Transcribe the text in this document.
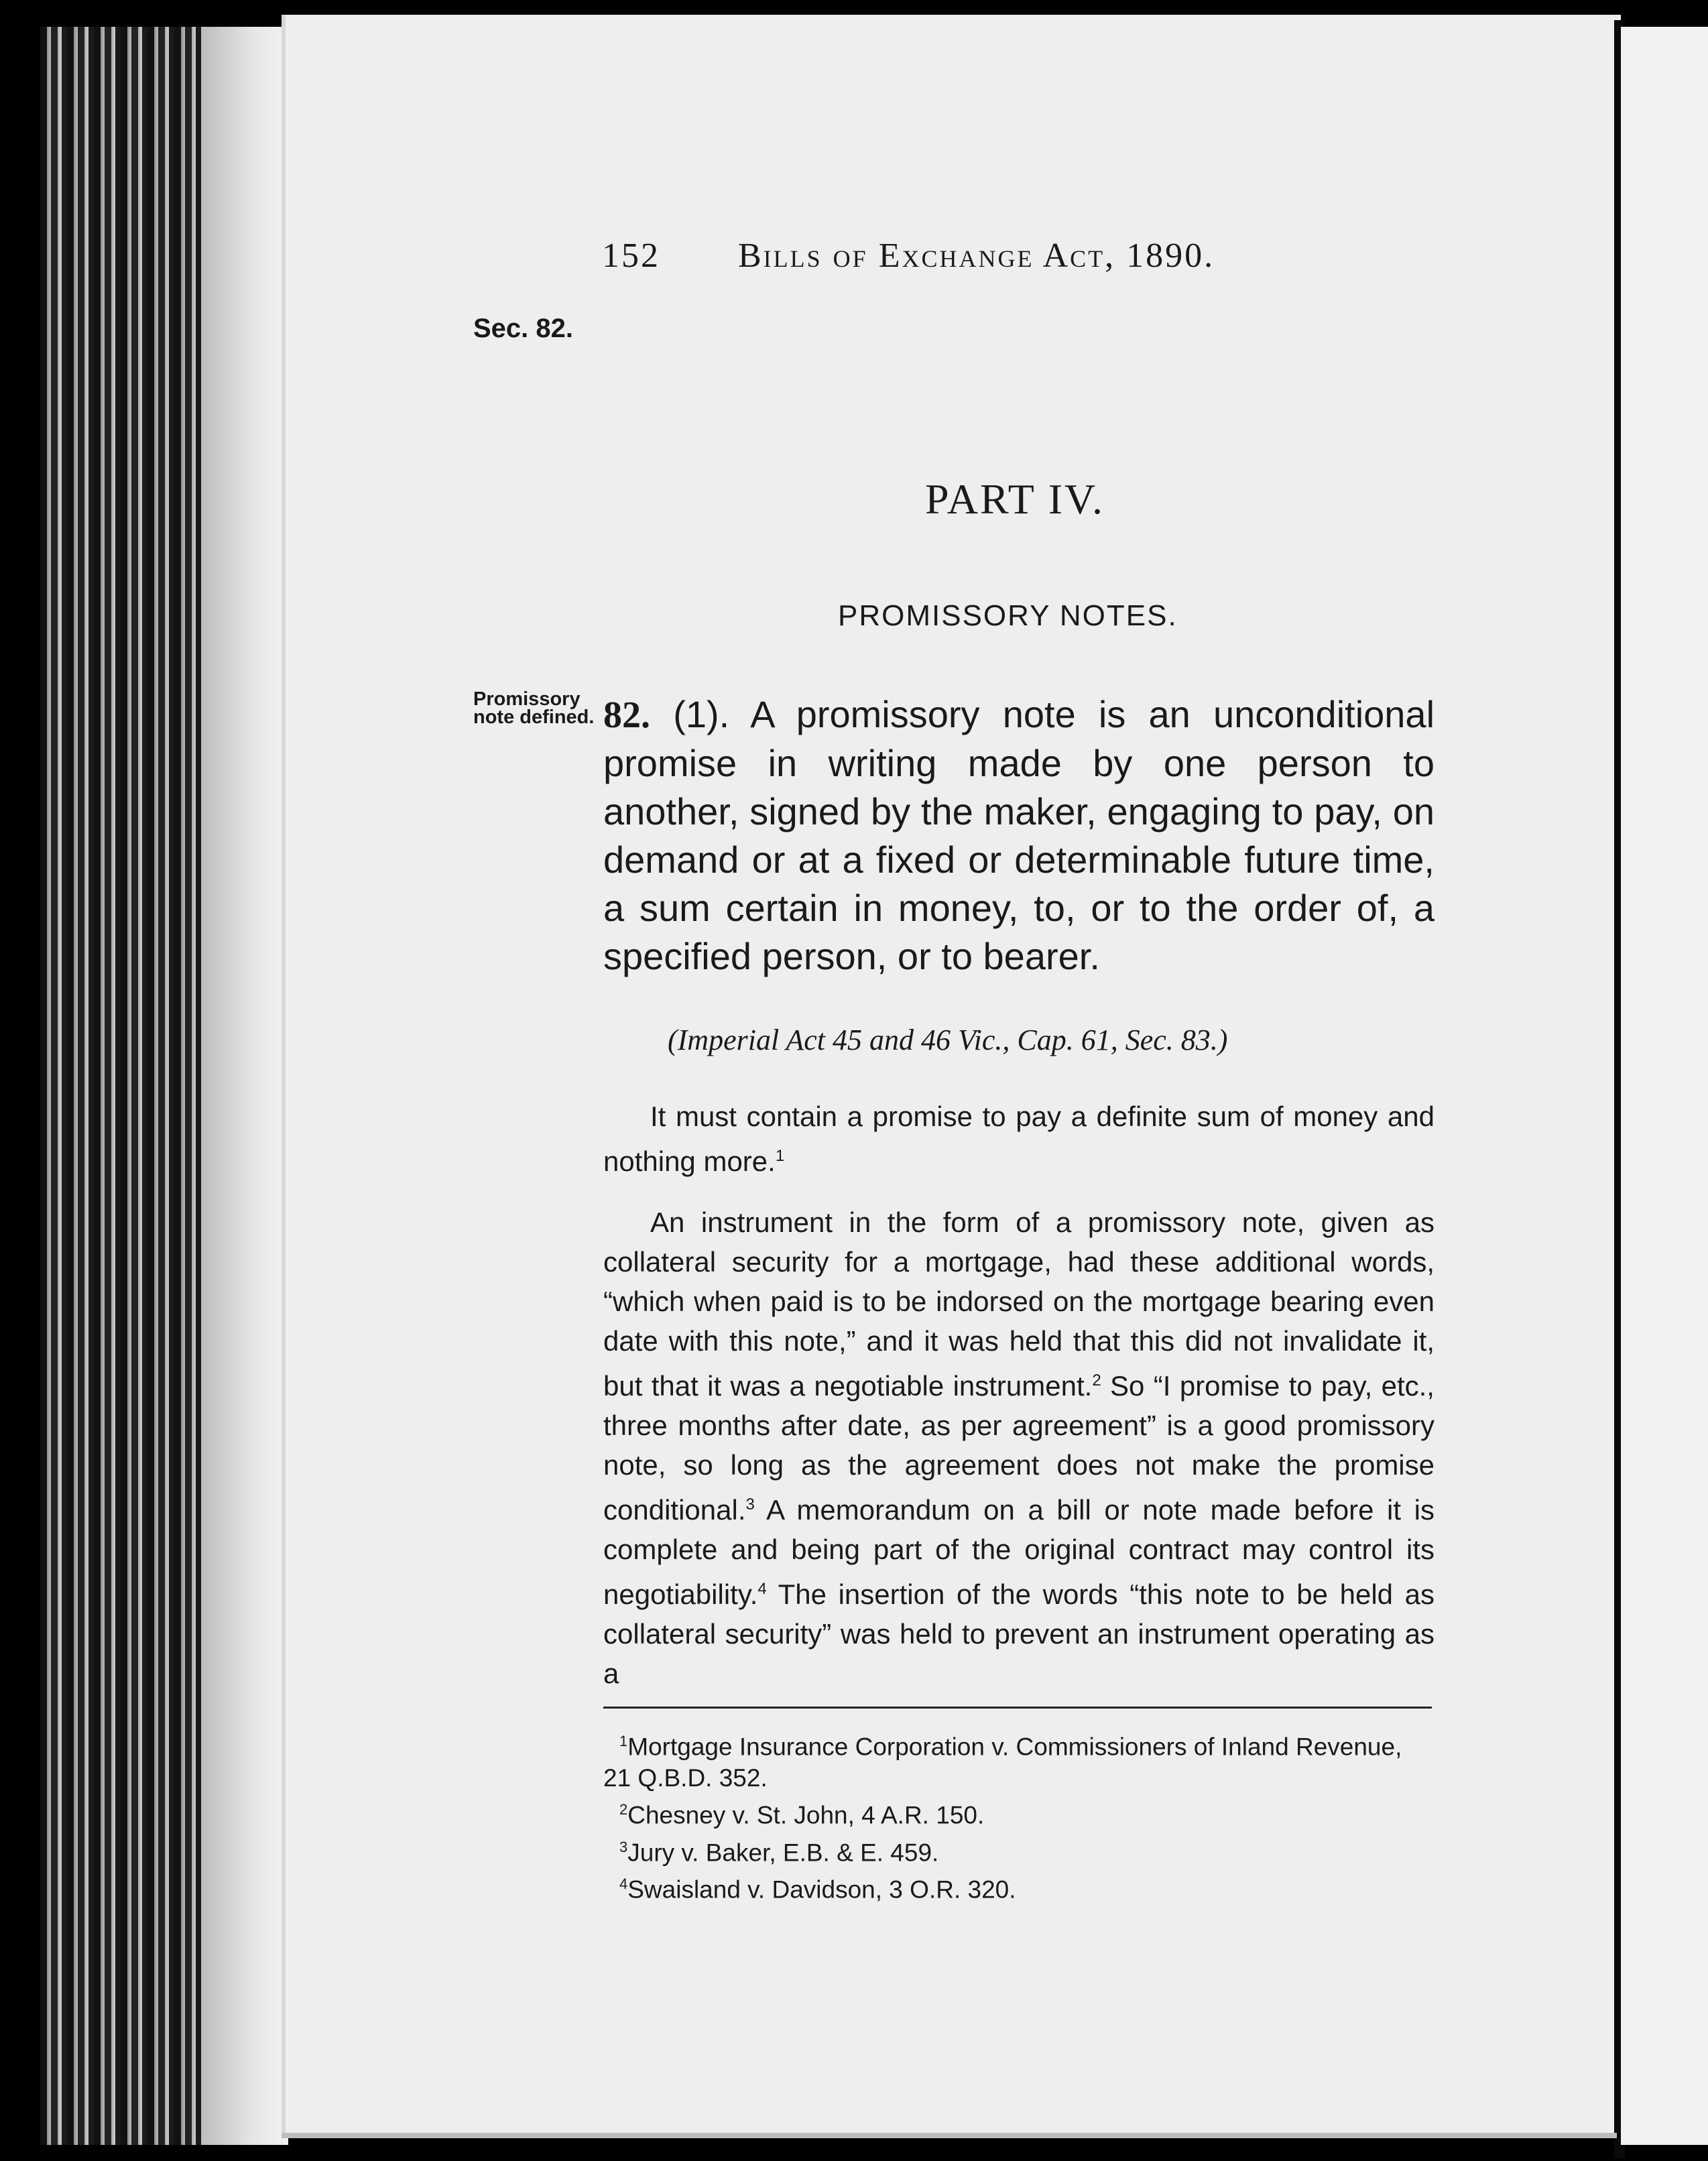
152 Bills of Exchange Act, 1890.
Sec. 82.
PART IV.
PROMISSORY NOTES.
Promissory note defined. 82. (1). A promissory note is an unconditional promise in writing made by one person to another, signed by the maker, engaging to pay, on demand or at a fixed or determinable future time, a sum certain in money, to, or to the order of, a specified person, or to bearer.
(Imperial Act 45 and 46 Vic., Cap. 61, Sec. 83.)
It must contain a promise to pay a definite sum of money and nothing more.$^1$
An instrument in the form of a promissory note, given as collateral security for a mortgage, had these additional words, “which when paid is to be indorsed on the mortgage bearing even date with this note,” and it was held that this did not invalidate it, but that it was a negotiable instrument.$^2$ So “I promise to pay, etc., three months after date, as per agreement” is a good promissory note, so long as the agreement does not make the promise conditional.$^3$ A memorandum on a bill or note made before it is complete and being part of the original contract may control its negotiability.$^4$ The insertion of the words “this note to be held as collateral security” was held to prevent an instrument operating as a
$^1$Mortgage Insurance Corporation v. Commissioners of Inland Revenue, 21 Q.B.D. 352.
$^2$Chesney v. St. John, 4 A.R. 150.
$^3$Jury v. Baker, E.B. & E. 459.
$^4$Swaisland v. Davidson, 3 O.R. 320.
